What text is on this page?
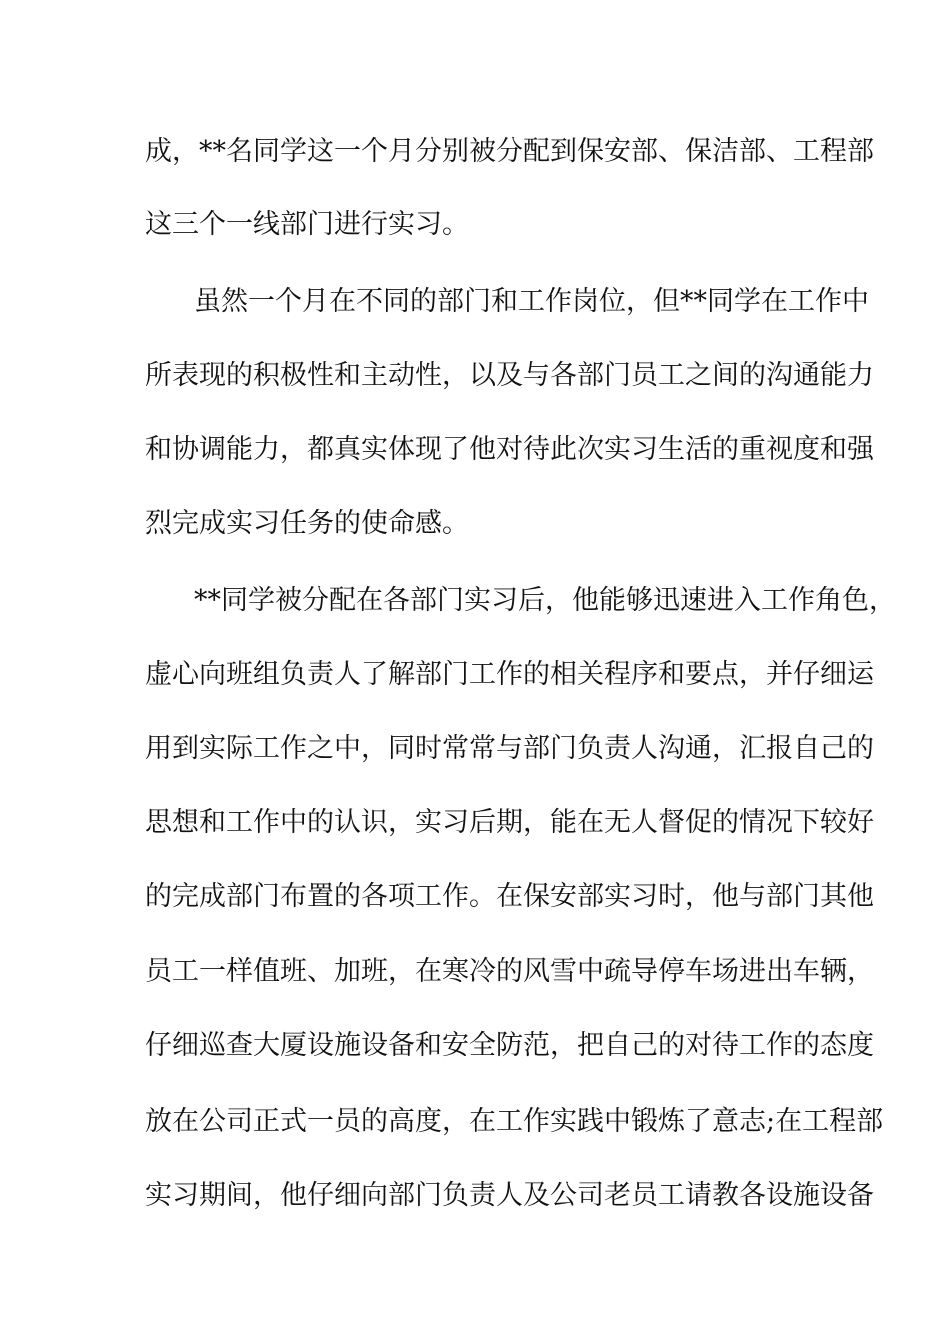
成，**名同学这一个月分别被分配到保安部、保洁部、工程部
这三个一线部门进行实习。
虽然一个月在不同的部门和工作岗位，但**同学在工作中
所表现的积极性和主动性，以及与各部门员工之间的沟通能力
和协调能力，都真实体现了他对待此次实习生活的重视度和强
烈完成实习任务的使命感。
**同学被分配在各部门实习后，他能够迅速进入工作角色，
虚心向班组负责人了解部门工作的相关程序和要点，并仔细运
用到实际工作之中，同时常常与部门负责人沟通，汇报自己的
思想和工作中的认识，实习后期，能在无人督促的情况下较好
的完成部门布置的各项工作。在保安部实习时，他与部门其他
员工一样值班、加班，在寒冷的风雪中疏导停车场进出车辆，
仔细巡查大厦设施设备和安全防范，把自己的对待工作的态度
放在公司正式一员的高度，在工作实践中锻炼了意志;在工程部
实习期间，他仔细向部门负责人及公司老员工请教各设施设备
